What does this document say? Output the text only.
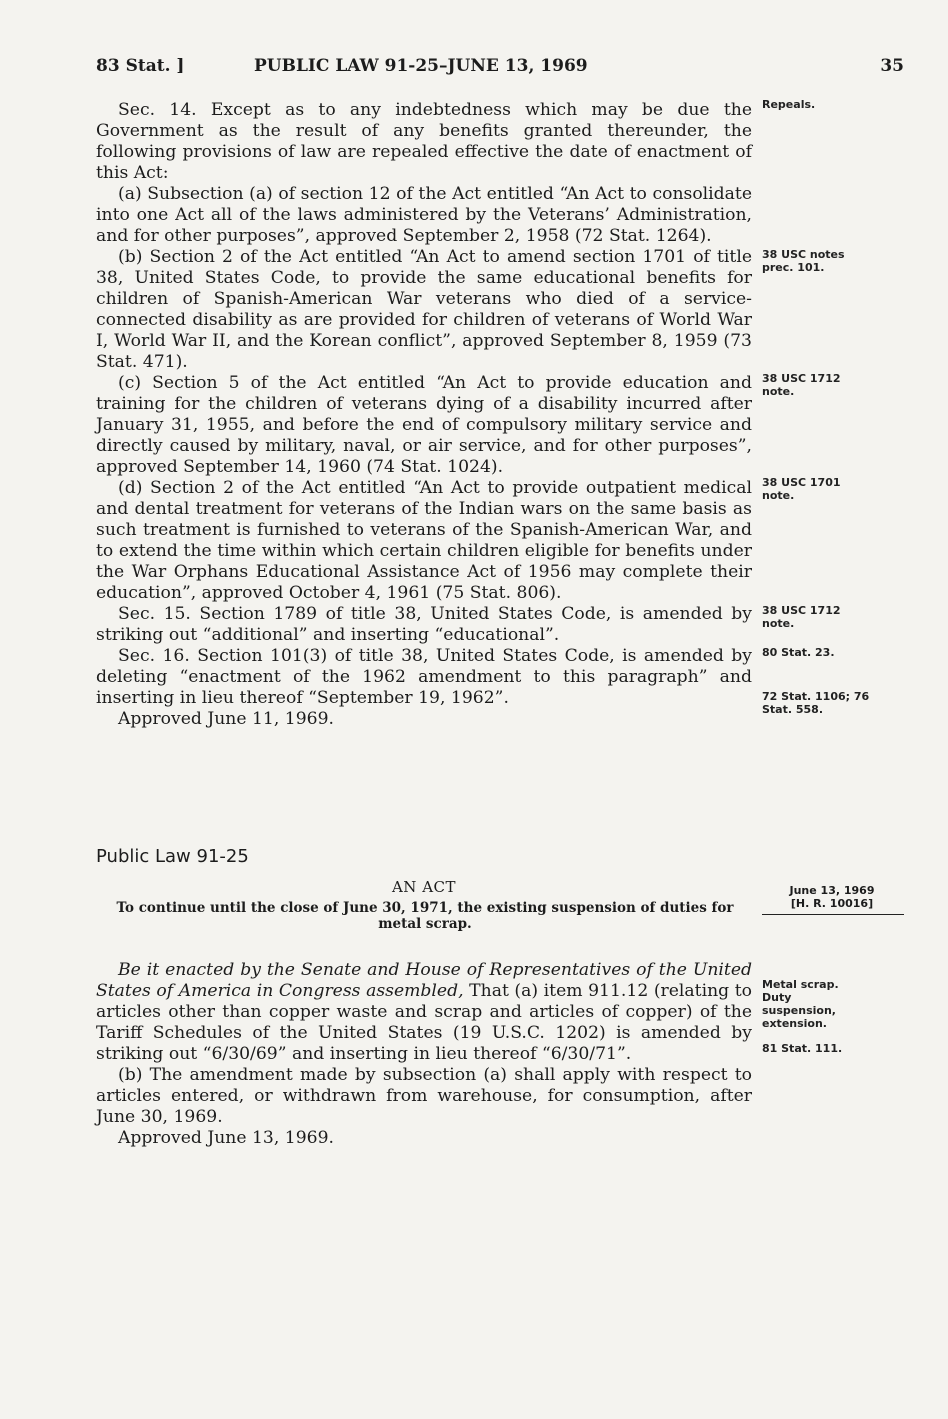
83 Stat. ]	PUBLIC LAW 91-25–JUNE 13, 1969	35

Sec. 14. Except as to any indebtedness which may be due the Government as the result of any benefits granted thereunder, the following provisions of law are repealed effective the date of enactment of this Act:

(a) Subsection (a) of section 12 of the Act entitled “An Act to consolidate into one Act all of the laws administered by the Veterans’ Administration, and for other purposes”, approved September 2, 1958 (72 Stat. 1264).

(b) Section 2 of the Act entitled “An Act to amend section 1701 of title 38, United States Code, to provide the same educational benefits for children of Spanish-American War veterans who died of a service-connected disability as are provided for children of veterans of World War I, World War II, and the Korean conflict”, approved September 8, 1959 (73 Stat. 471).

(c) Section 5 of the Act entitled “An Act to provide education and training for the children of veterans dying of a disability incurred after January 31, 1955, and before the end of compulsory military service and directly caused by military, naval, or air service, and for other purposes”, approved September 14, 1960 (74 Stat. 1024).

(d) Section 2 of the Act entitled “An Act to provide outpatient medical and dental treatment for veterans of the Indian wars on the same basis as such treatment is furnished to veterans of the Spanish-American War, and to extend the time within which certain children eligible for benefits under the War Orphans Educational Assistance Act of 1956 may complete their education”, approved October 4, 1961 (75 Stat. 806).

Sec. 15. Section 1789 of title 38, United States Code, is amended by striking out “additional” and inserting “educational”.

Sec. 16. Section 101(3) of title 38, United States Code, is amended by deleting “enactment of the 1962 amendment to this paragraph” and inserting in lieu thereof “September 19, 1962”.

Approved June 11, 1969.

Repeals.
38 USC notes prec. 101.
38 USC 1712 note.
38 USC 1701 note.
38 USC 1712 note.
80 Stat. 23.
72 Stat. 1106; 76 Stat. 558.
Public Law 91-25
AN ACT
To continue until the close of June 30, 1971, the existing suspension of duties for metal scrap.
June 13, 1969
[H. R. 10016]

Be it enacted by the Senate and House of Representatives of the United States of America in Congress assembled, That (a) item 911.12 (relating to articles other than copper waste and scrap and articles of copper) of the Tariff Schedules of the United States (19 U.S.C. 1202) is amended by striking out “6/30/69” and inserting in lieu thereof “6/30/71”.

(b) The amendment made by subsection (a) shall apply with respect to articles entered, or withdrawn from warehouse, for consumption, after June 30, 1969.

Approved June 13, 1969.

Metal scrap. Duty suspension, extension.
81 Stat. 111.
